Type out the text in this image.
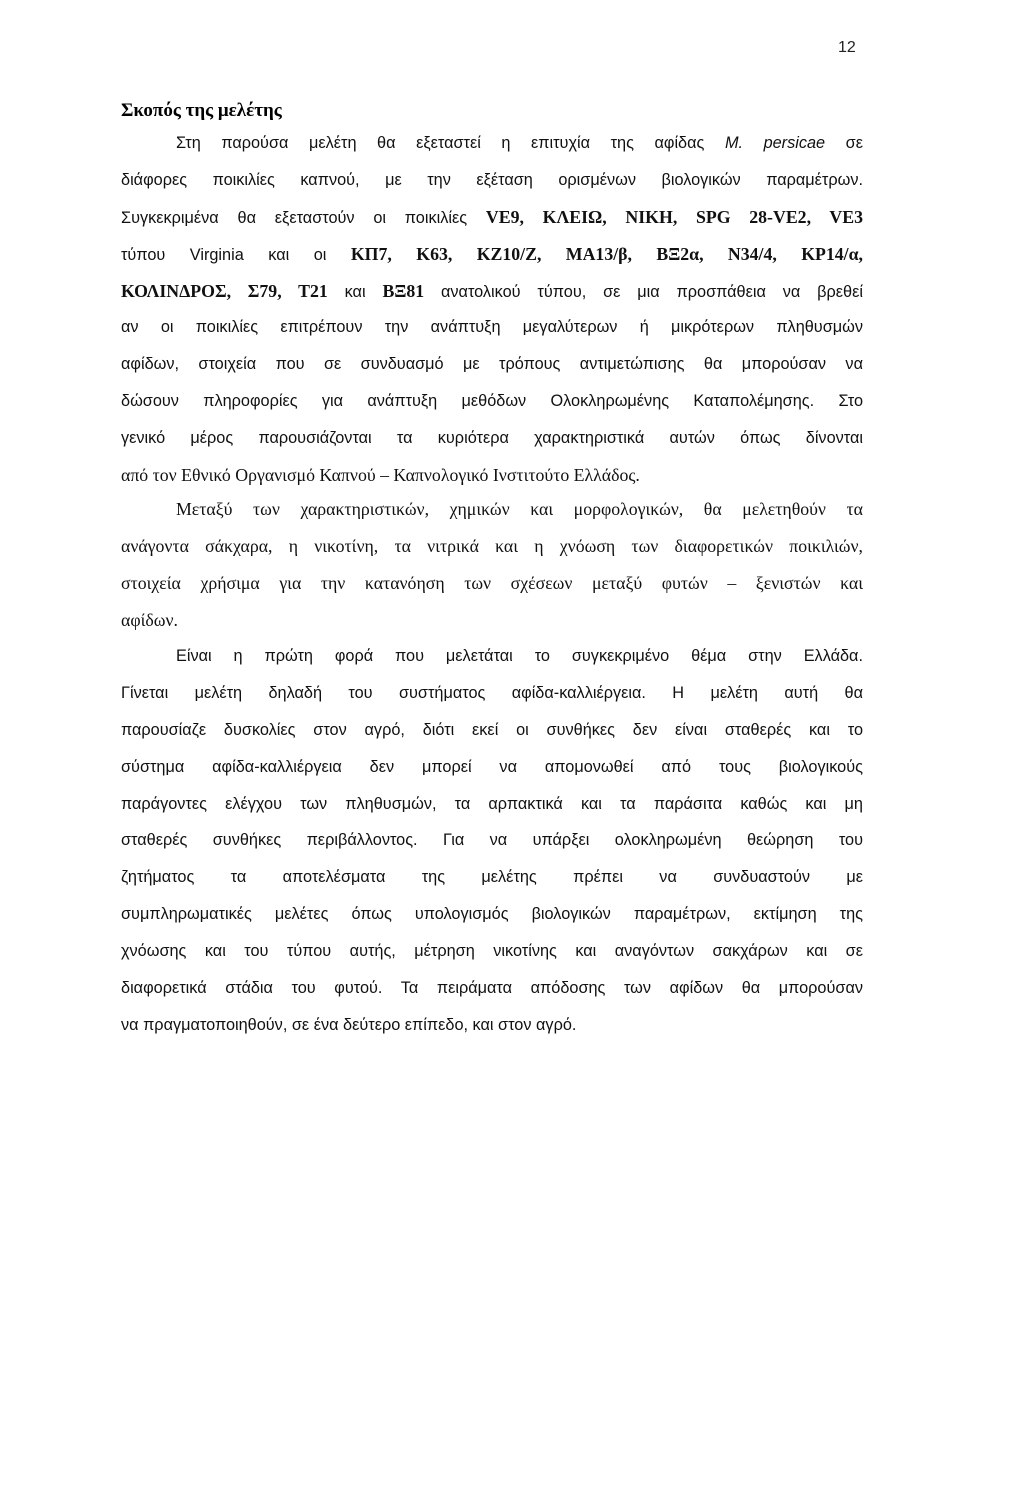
12
Σκοπός της μελέτης
Στη παρούσα μελέτη θα εξεταστεί η επιτυχία της αφίδας M. persicae σε
διάφορες ποικιλίες καπνού, με την εξέταση ορισμένων βιολογικών παραμέτρων.
Συγκεκριμένα θα εξεταστούν οι ποικιλίες VE9, ΚΛΕΙΩ, ΝΙΚΗ, SPG 28-VE2, VE3
τύπου Virginia και οι ΚΠ7, Κ63, ΚΖ10/Ζ, ΜΑ13/β, ΒΞ2α, Ν34/4, ΚΡ14/α,
ΚΟΛΙΝΔΡΟΣ, Σ79, Τ21 και ΒΞ81 ανατολικού τύπου, σε μια προσπάθεια να βρεθεί
αν οι ποικιλίες επιτρέπουν την ανάπτυξη μεγαλύτερων ή μικρότερων πληθυσμών
αφίδων, στοιχεία που σε συνδυασμό με τρόπους αντιμετώπισης θα μπορούσαν να
δώσουν πληροφορίες για ανάπτυξη μεθόδων Ολοκληρωμένης Καταπολέμησης. Στο
γενικό μέρος παρουσιάζονται τα κυριότερα χαρακτηριστικά αυτών όπως δίνονται
από τον Εθνικό Οργανισμό Καπνού – Καπνολογικό Ινστιτούτο Ελλάδος.
Μεταξύ των χαρακτηριστικών, χημικών και μορφολογικών, θα μελετηθούν τα
ανάγοντα σάκχαρα, η νικοτίνη, τα νιτρικά και η χνόωση των διαφορετικών ποικιλιών,
στοιχεία χρήσιμα για την κατανόηση των σχέσεων μεταξύ φυτών – ξενιστών και
αφίδων.
Είναι η πρώτη φορά που μελετάται το συγκεκριμένο θέμα στην Ελλάδα.
Γίνεται μελέτη δηλαδή του συστήματος αφίδα-καλλιέργεια. Η μελέτη αυτή θα
παρουσίαζε δυσκολίες στον αγρό, διότι εκεί οι συνθήκες δεν είναι σταθερές και το
σύστημα αφίδα-καλλιέργεια δεν μπορεί να απομονωθεί από τους βιολογικούς
παράγοντες ελέγχου των πληθυσμών, τα αρπακτικά και τα παράσιτα καθώς και μη
σταθερές συνθήκες περιβάλλοντος. Για να υπάρξει ολοκληρωμένη θεώρηση του
ζητήματος τα αποτελέσματα της μελέτης πρέπει να συνδυαστούν με
συμπληρωματικές μελέτες όπως υπολογισμός βιολογικών παραμέτρων, εκτίμηση της
χνόωσης και του τύπου αυτής, μέτρηση νικοτίνης και αναγόντων σακχάρων και σε
διαφορετικά στάδια του φυτού. Τα πειράματα απόδοσης των αφίδων θα μπορούσαν
να πραγματοποιηθούν, σε ένα δεύτερο επίπεδο, και στον αγρό.
